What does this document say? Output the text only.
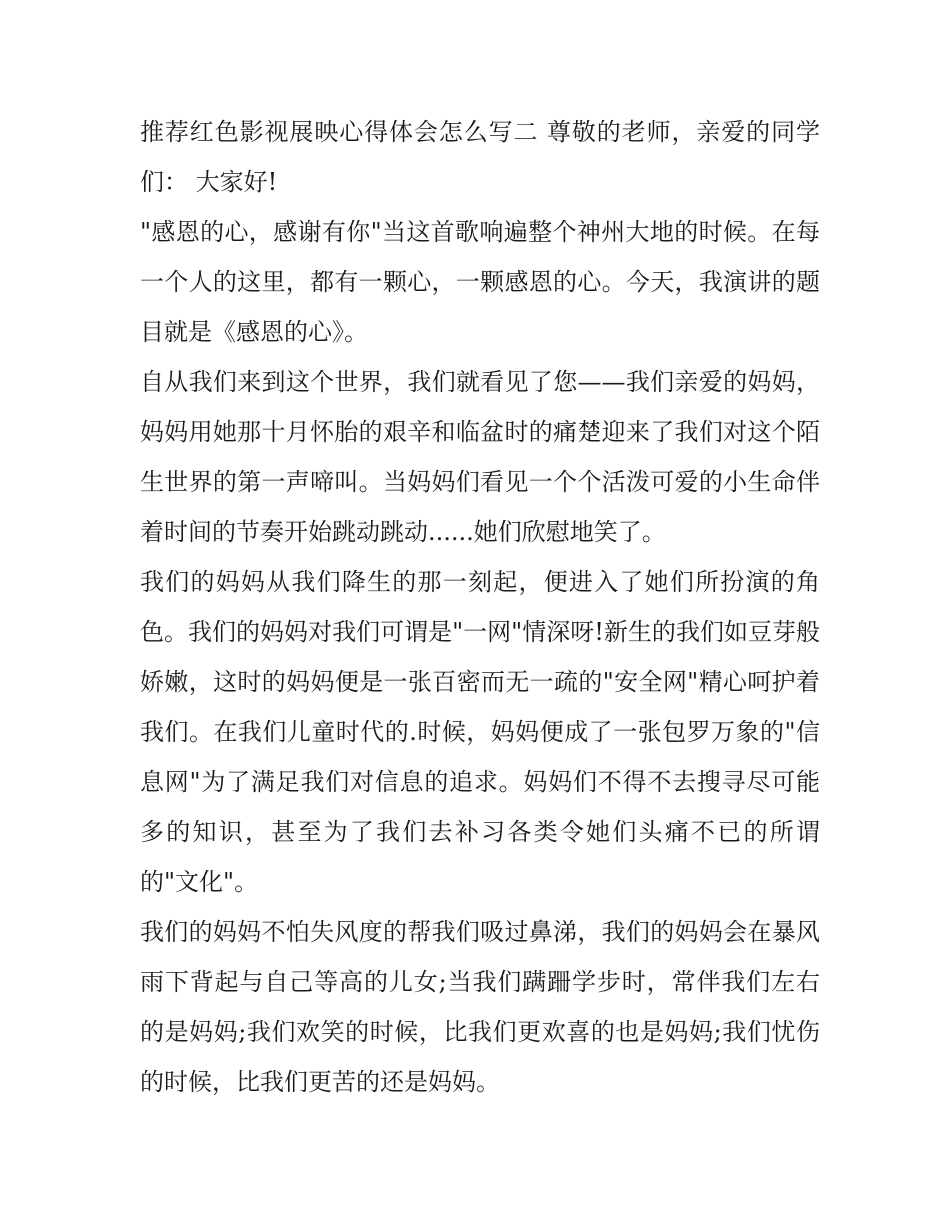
推荐红色影视展映心得体会怎么写二 尊敬的老师，亲爱的同学们： 大家好!

"感恩的心，感谢有你"当这首歌响遍整个神州大地的时候。在每一个人的这里，都有一颗心，一颗感恩的心。今天，我演讲的题目就是《感恩的心》。

自从我们来到这个世界，我们就看见了您——我们亲爱的妈妈，妈妈用她那十月怀胎的艰辛和临盆时的痛楚迎来了我们对这个陌生世界的第一声啼叫。当妈妈们看见一个个活泼可爱的小生命伴着时间的节奏开始跳动跳动......她们欣慰地笑了。

我们的妈妈从我们降生的那一刻起，便进入了她们所扮演的角色。我们的妈妈对我们可谓是"一网"情深呀!新生的我们如豆芽般娇嫩，这时的妈妈便是一张百密而无一疏的"安全网"精心呵护着我们。在我们儿童时代的.时候，妈妈便成了一张包罗万象的"信息网"为了满足我们对信息的追求。妈妈们不得不去搜寻尽可能多的知识，甚至为了我们去补习各类令她们头痛不已的所谓的"文化"。

我们的妈妈不怕失风度的帮我们吸过鼻涕，我们的妈妈会在暴风雨下背起与自己等高的儿女;当我们蹒跚学步时，常伴我们左右的是妈妈;我们欢笑的时候，比我们更欢喜的也是妈妈;我们忧伤的时候，比我们更苦的还是妈妈。
